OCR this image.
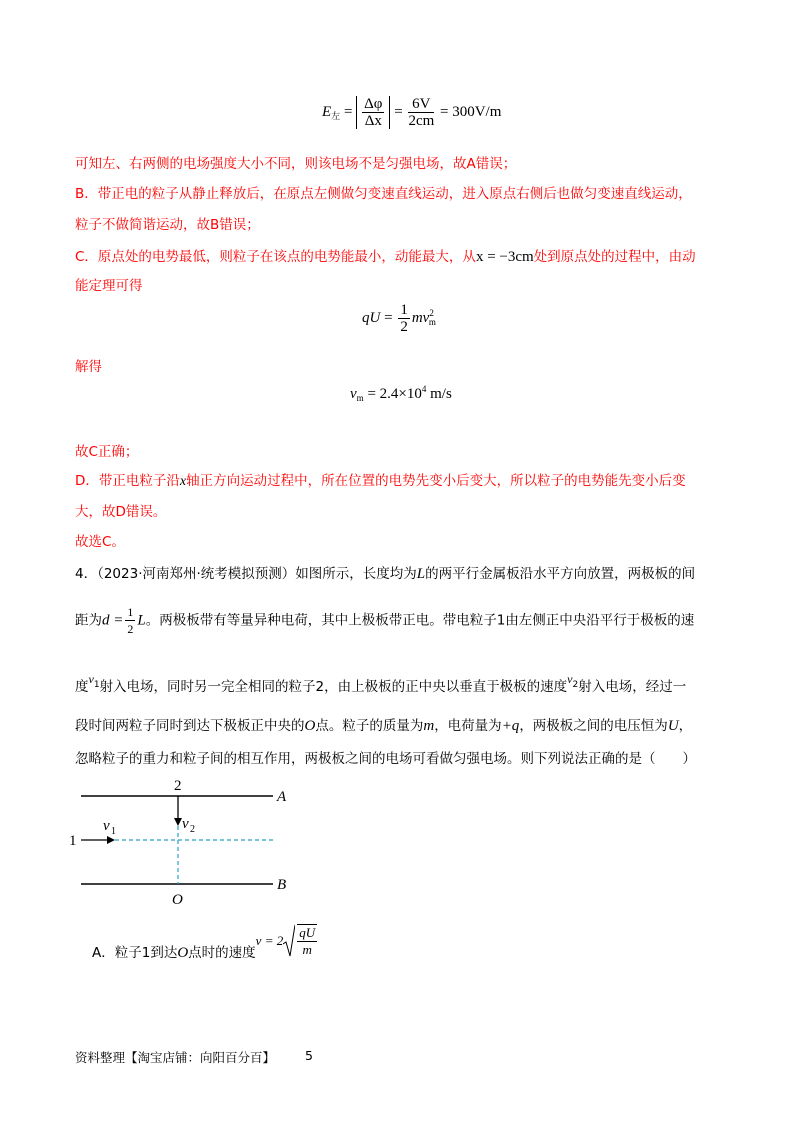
$E_左 = \frac{\Delta\varphi}{\Delta x} = \frac{6V}{2cm} = 300V/m$
可知左、右两侧的电场强度大小不同，则该电场不是匀强电场，故A错误；
B．带正电的粒子从静止释放后，在原点左侧做匀变速直线运动，进入原点右侧后也做匀变速直线运动，
粒子不做简谐运动，故B错误；
C．原点处的电势最低，则粒子在该点的电势能最小，动能最大，从x = −3cm处到原点处的过程中，由动
能定理可得
qU = $\frac{1}{2} mv^2_m$
解得
$v_m = 2.4\times 10^4$ m/s
故C正确；
D．带正电粒子沿x轴正方向运动过程中，所在位置的电势先变小后变大，所以粒子的电势能先变小后变
大，故D错误。
故选C。
4．（2023·河南郑州·统考模拟预测）如图所示，长度均为L的两平行金属板沿水平方向放置，两极板的间
距为$d = \frac{1}{2}$ L。两极板带有等量异种电荷，其中上极板带正电。带电粒子1由左侧正中央沿平行于极板的速
度$v^1$射入电场，同时另一完全相同的粒子2，由上极板的正中央以垂直于极板的速度$v^2$射入电场，经过一
段时间两粒子同时到达下极板正中央的O点。粒子的质量为m，电荷量为+q，两极板之间的电压恒为U，
忽略粒子的重力和粒子间的相互作用，两极板之间的电场可看做匀强电场。则下列说法正确的是（　　）
2
A
v 2
v 1
1
B
O
A．粒子1到达O点时的速度$v = 2 \frac{qU}{m}$
资料整理【淘宝店铺：向阳百分百】 5
